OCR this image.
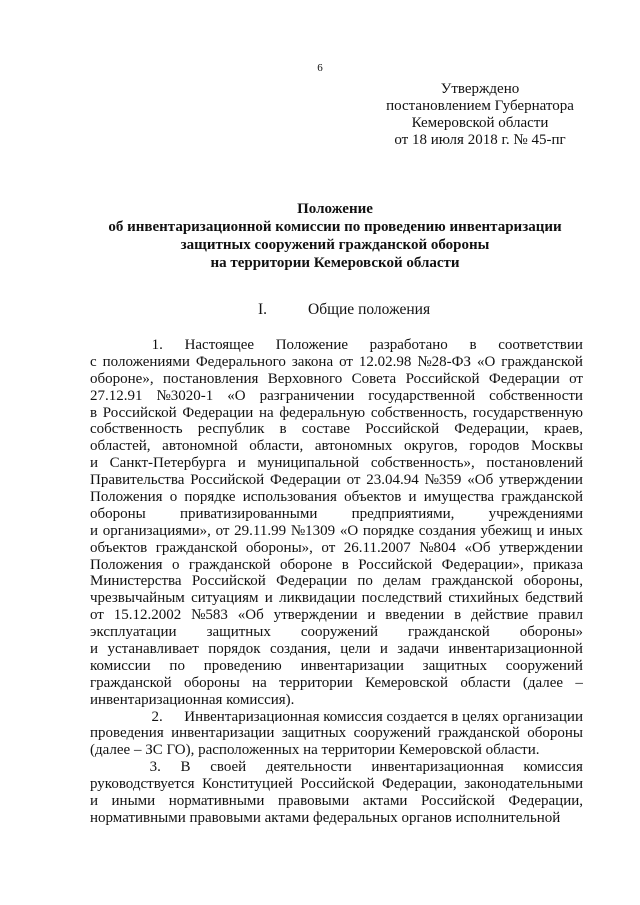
6
Утверждено
постановлением Губернатора
Кемеровской области
от 18 июля 2018 г. № 45-пг
Положение
об инвентаризационной комиссии по проведению инвентаризации
защитных сооружений гражданской обороны
на территории Кемеровской области
I.	Общие положения
1. Настоящее Положение разработано в соответствии
с положениями Федерального закона от 12.02.98 №28-ФЗ «О гражданской
обороне», постановления Верховного Совета Российской Федерации от
27.12.91 №3020-1 «О разграничении государственной собственности
в Российской Федерации на федеральную собственность, государственную
собственность республик в составе Российской Федерации, краев,
областей, автономной области, автономных округов, городов Москвы
и Санкт-Петербурга и муниципальной собственность», постановлений
Правительства Российской Федерации от 23.04.94 №359 «Об утверждении
Положения о порядке использования объектов и имущества гражданской
обороны приватизированными предприятиями, учреждениями
и организациями», от 29.11.99 №1309 «О порядке создания убежищ и иных
объектов гражданской обороны», от 26.11.2007 №804 «Об утверждении
Положения о гражданской обороне в Российской Федерации», приказа
Министерства Российской Федерации по делам гражданской обороны,
чрезвычайным ситуациям и ликвидации последствий стихийных бедствий
от 15.12.2002 №583 «Об утверждении и введении в действие правил
эксплуатации защитных сооружений гражданской обороны»
и устанавливает порядок создания, цели и задачи инвентаризационной
комиссии по проведению инвентаризации защитных сооружений
гражданской обороны на территории Кемеровской области (далее –
инвентаризационная комиссия).
2. Инвентаризационная комиссия создается в целях организации
проведения инвентаризации защитных сооружений гражданской обороны
(далее – ЗС ГО), расположенных на территории Кемеровской области.
3. В своей деятельности инвентаризационная комиссия
руководствуется Конституцией Российской Федерации, законодательными
и иными нормативными правовыми актами Российской Федерации,
нормативными правовыми актами федеральных органов исполнительной
